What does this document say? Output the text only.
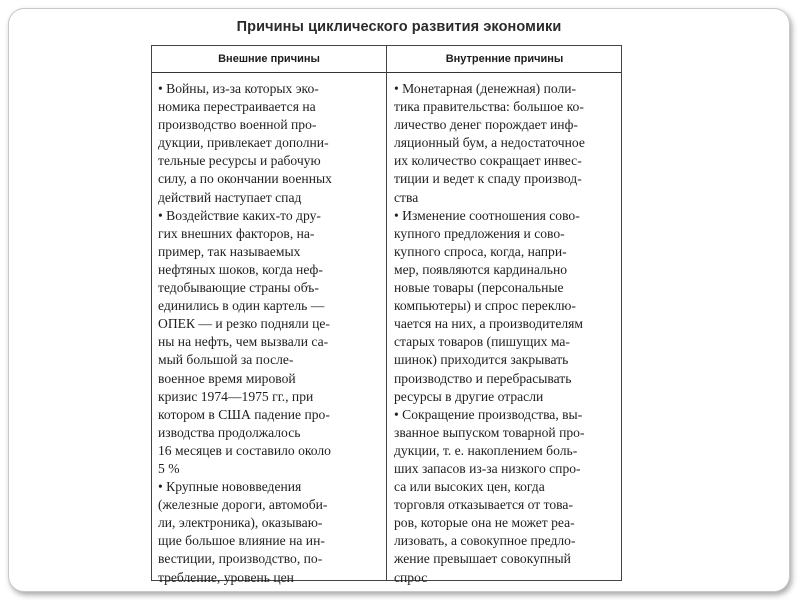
Причины циклического развития экономики
Внешние причины	Внутренние причины
• Войны, из-за которых эко-
номика перестраивается на
производство военной про-
дукции, привлекает дополни-
тельные ресурсы и рабочую
силу, а по окончании военных
действий наступает спад
• Воздействие каких-то дру-
гих внешних факторов, на-
пример, так называемых
нефтяных шоков, когда неф-
тедобывающие страны объ-
единились в один картель —
ОПЕК — и резко подняли це-
ны на нефть, чем вызвали са-
мый большой за после-
военное время мировой
кризис 1974—1975 гг., при
котором в США падение про-
изводства продолжалось
16 месяцев и составило около
5 %
• Крупные нововведения
(железные дороги, автомоби-
ли, электроника), оказываю-
щие большое влияние на ин-
вестиции, производство, по-
требление, уровень цен
• Монетарная (денежная) поли-
тика правительства: большое ко-
личество денег порождает инф-
ляционный бум, а недостаточное
их количество сокращает инвес-
тиции и ведет к спаду производ-
ства
• Изменение соотношения сово-
купного предложения и сово-
купного спроса, когда, напри-
мер, появляются кардинально
новые товары (персональные
компьютеры) и спрос переклю-
чается на них, а производителям
старых товаров (пишущих ма-
шинок) приходится закрывать
производство и перебрасывать
ресурсы в другие отрасли
• Сокращение производства, вы-
званное выпуском товарной про-
дукции, т. е. накоплением боль-
ших запасов из-за низкого спро-
са или высоких цен, когда
торговля отказывается от това-
ров, которые она не может реа-
лизовать, а совокупное предло-
жение превышает совокупный
спрос
